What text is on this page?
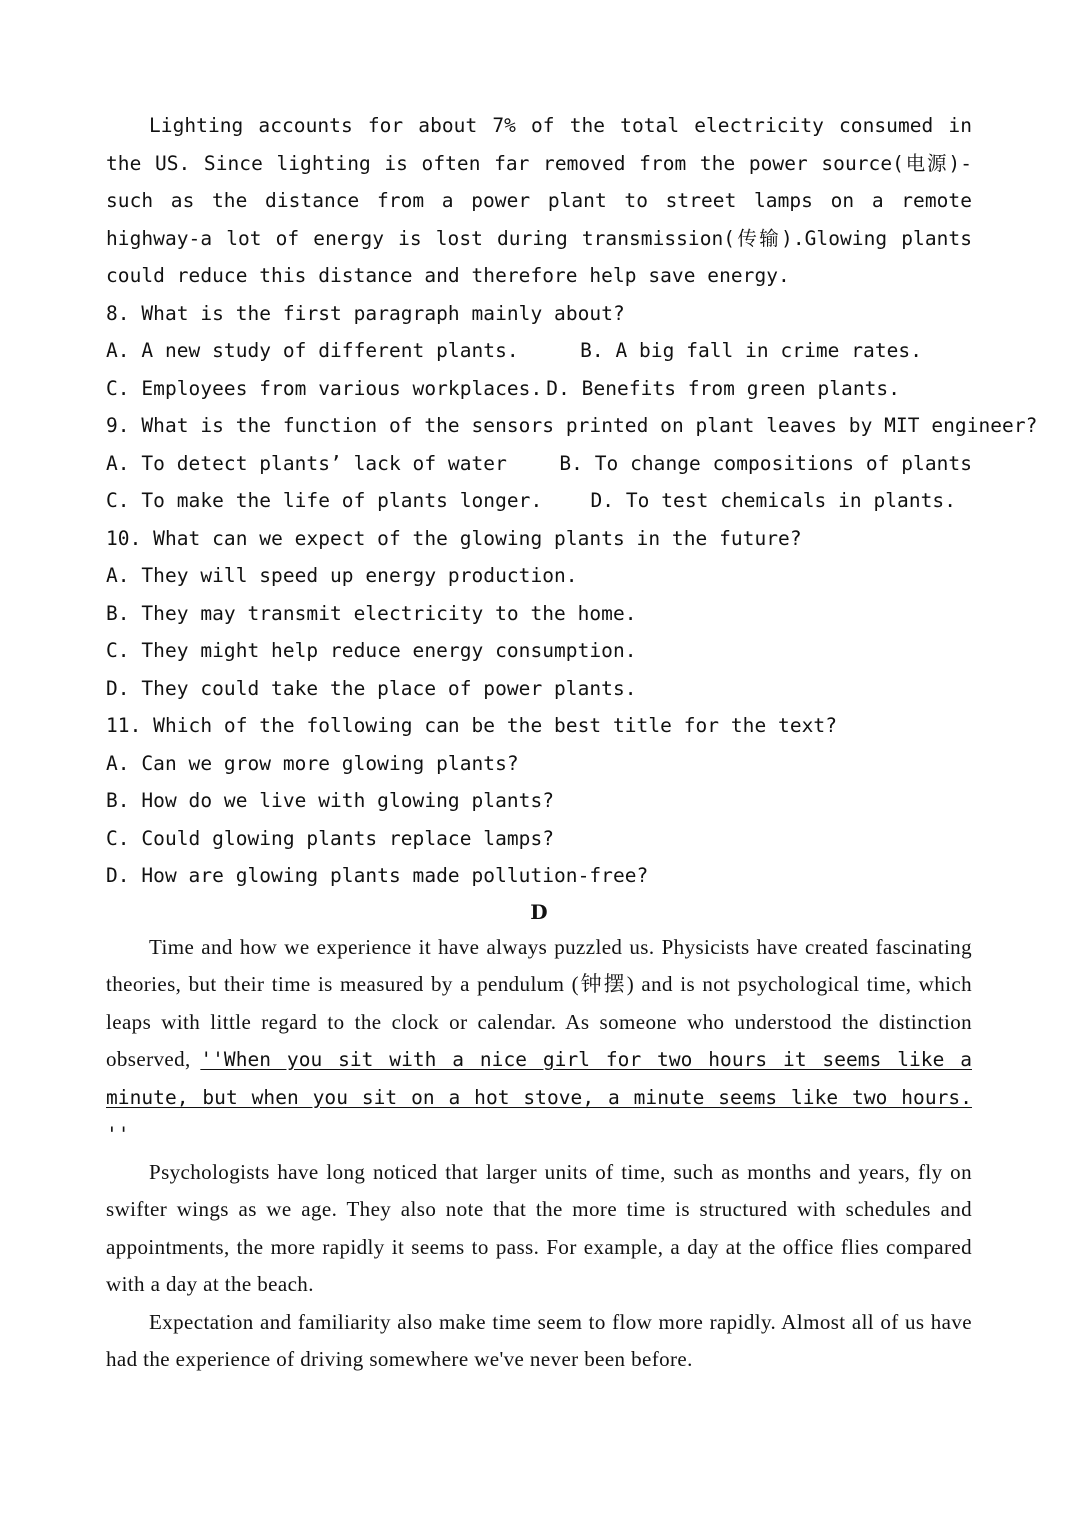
Lighting accounts for about 7% of the total electricity consumed in the US. Since lighting is often far removed from the power source(电源)-such as the distance from a power plant to street lamps on a remote highway-a lot of energy is lost during transmission(传输).Glowing plants could reduce this distance and therefore help save energy.

8. What is the first paragraph mainly about?

A. A new study of different plants.	B. A big fall in crime rates.
C. Employees from various workplaces. D. Benefits from green plants.

9. What is the function of the sensors printed on plant leaves by MIT engineer?

A. To detect plants’ lack of water	B. To change compositions of plants
C. To make the life of plants longer. D. To test chemicals in plants.

10. What can we expect of the glowing plants in the future?

A. They will speed up energy production.

B. They may transmit electricity to the home.

C. They might help reduce energy consumption.

D. They could take the place of power plants.

11. Which of the following can be the best title for the text?

A. Can we grow more glowing plants?

B. How do we live with glowing plants?

C. Could glowing plants replace lamps?

D. How are glowing plants made pollution-free?

D

Time and how we experience it have always puzzled us. Physicists have created fascinating theories, but their time is measured by a pendulum (钟摆) and is not psychological time, which leaps with little regard to the clock or calendar. As someone who understood the distinction observed, ''When you sit with a nice girl for two hours it seems like a minute, but when you sit on a hot stove, a minute seems like two hours. ''

Psychologists have long noticed that larger units of time, such as months and years, fly on swifter wings as we age. They also note that the more time is structured with schedules and appointments, the more rapidly it seems to pass. For example, a day at the office flies compared with a day at the beach.

Expectation and familiarity also make time seem to flow more rapidly. Almost all of us have had the experience of driving somewhere we've never been before.
